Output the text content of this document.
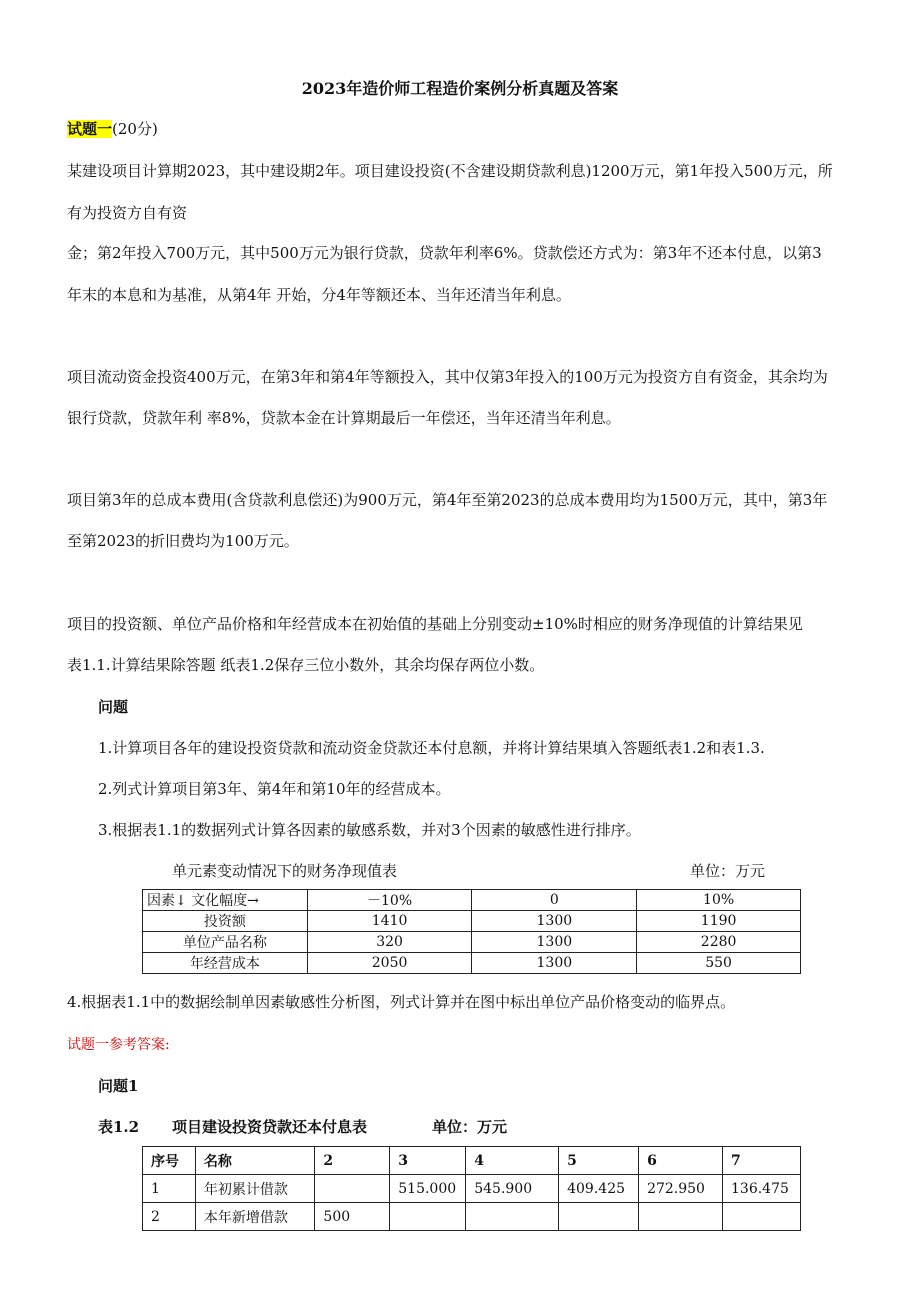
2023年造价师工程造价案例分析真题及答案
试题一(20分)
某建设项目计算期2023，其中建设期2年。项目建设投资(不含建设期贷款利息)1200万元，第1年投入500万元，所
有为投资方自有资
金；第2年投入700万元，其中500万元为银行贷款，贷款年利率6%。贷款偿还方式为：第3年不还本付息，以第3
年末的本息和为基准，从第4年 开始，分4年等额还本、当年还清当年利息。
项目流动资金投资400万元，在第3年和第4年等额投入，其中仅第3年投入的100万元为投资方自有资金，其余均为
银行贷款，贷款年利 率8%，贷款本金在计算期最后一年偿还，当年还清当年利息。
项目第3年的总成本费用(含贷款利息偿还)为900万元，第4年至第2023的总成本费用均为1500万元，其中，第3年
至第2023的折旧费均为100万元。
项目的投资额、单位产品价格和年经营成本在初始值的基础上分别变动±10%时相应的财务净现值的计算结果见
表1.1.计算结果除答题 纸表1.2保存三位小数外，其余均保存两位小数。
问题
1.计算项目各年的建设投资贷款和流动资金贷款还本付息额，并将计算结果填入答题纸表1.2和表1.3.
2.列式计算项目第3年、第4年和第10年的经营成本。
3.根据表1.1的数据列式计算各因素的敏感系数，并对3个因素的敏感性进行排序。
单元素变动情况下的财务净现值表	单位：万元
因素↓ 文化幅度→	－10%	0	10%
投资额	1410	1300	1190
单位产品名称	320	1300	2280
年经营成本	2050	1300	550
4.根据表1.1中的数据绘制单因素敏感性分析图，列式计算并在图中标出单位产品价格变动的临界点。
试题一参考答案:
问题1
表1.2 项目建设投资贷款还本付息表	单位：万元
序号	名称	2	3	4	5	6	7
1	年初累计借款		515.000	545.900	409.425	272.950	136.475
2	本年新增借款	500					
